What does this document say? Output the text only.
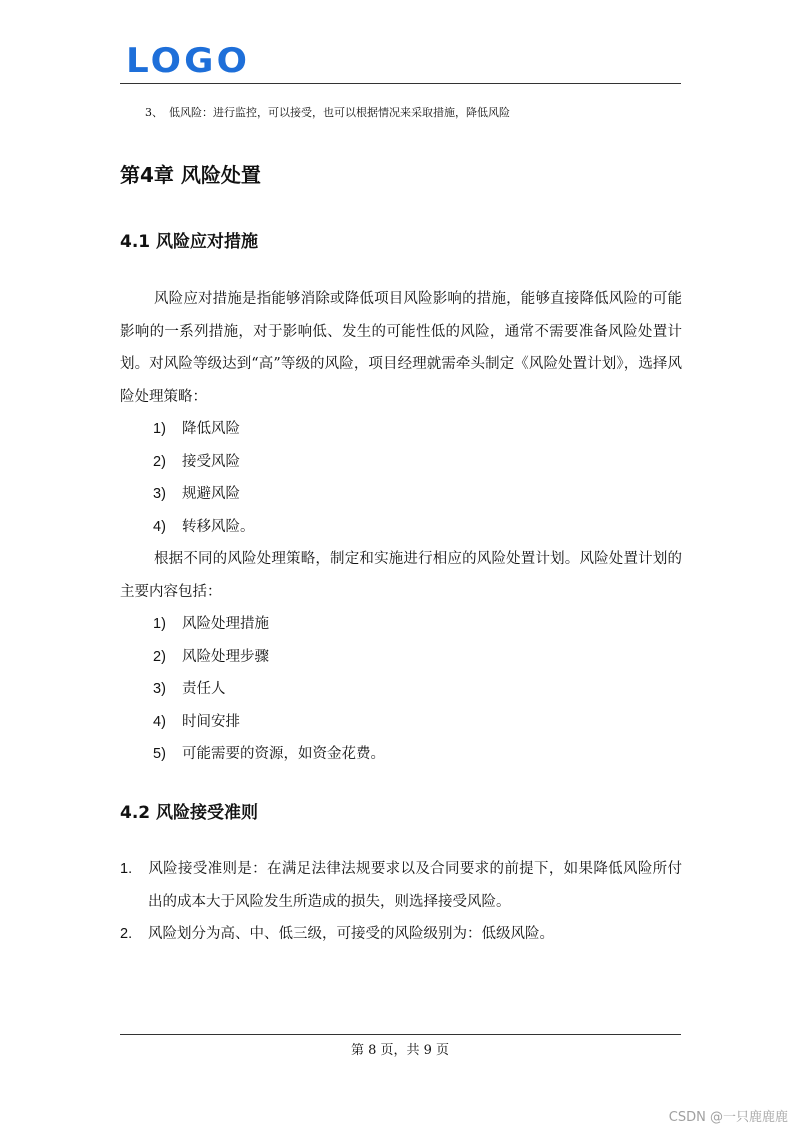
LOGO
3、 低风险：进行监控，可以接受，也可以根据情况来采取措施，降低风险
第4章 风险处置
4.1 风险应对措施

风险应对措施是指能够消除或降低项目风险影响的措施，能够直接降低风险的可能影响的一系列措施，对于影响低、发生的可能性低的风险，通常不需要准备风险处置计划。对风险等级达到“高”等级的风险，项目经理就需牵头制定《风险处置计划》，选择风险处理策略：

1) 降低风险
2) 接受风险
3) 规避风险
4) 转移风险。

根据不同的风险处理策略，制定和实施进行相应的风险处置计划。风险处置计划的主要内容包括：

1) 风险处理措施
2) 风险处理步骤
3) 责任人
4) 时间安排
5) 可能需要的资源，如资金花费。
4.2 风险接受准则
1. 风险接受准则是：在满足法律法规要求以及合同要求的前提下，如果降低风险所付出的成本大于风险发生所造成的损失，则选择接受风险。
2. 风险划分为高、中、低三级，可接受的风险级别为：低级风险。
第 8 页，共 9 页
CSDN @一只鹿鹿鹿
